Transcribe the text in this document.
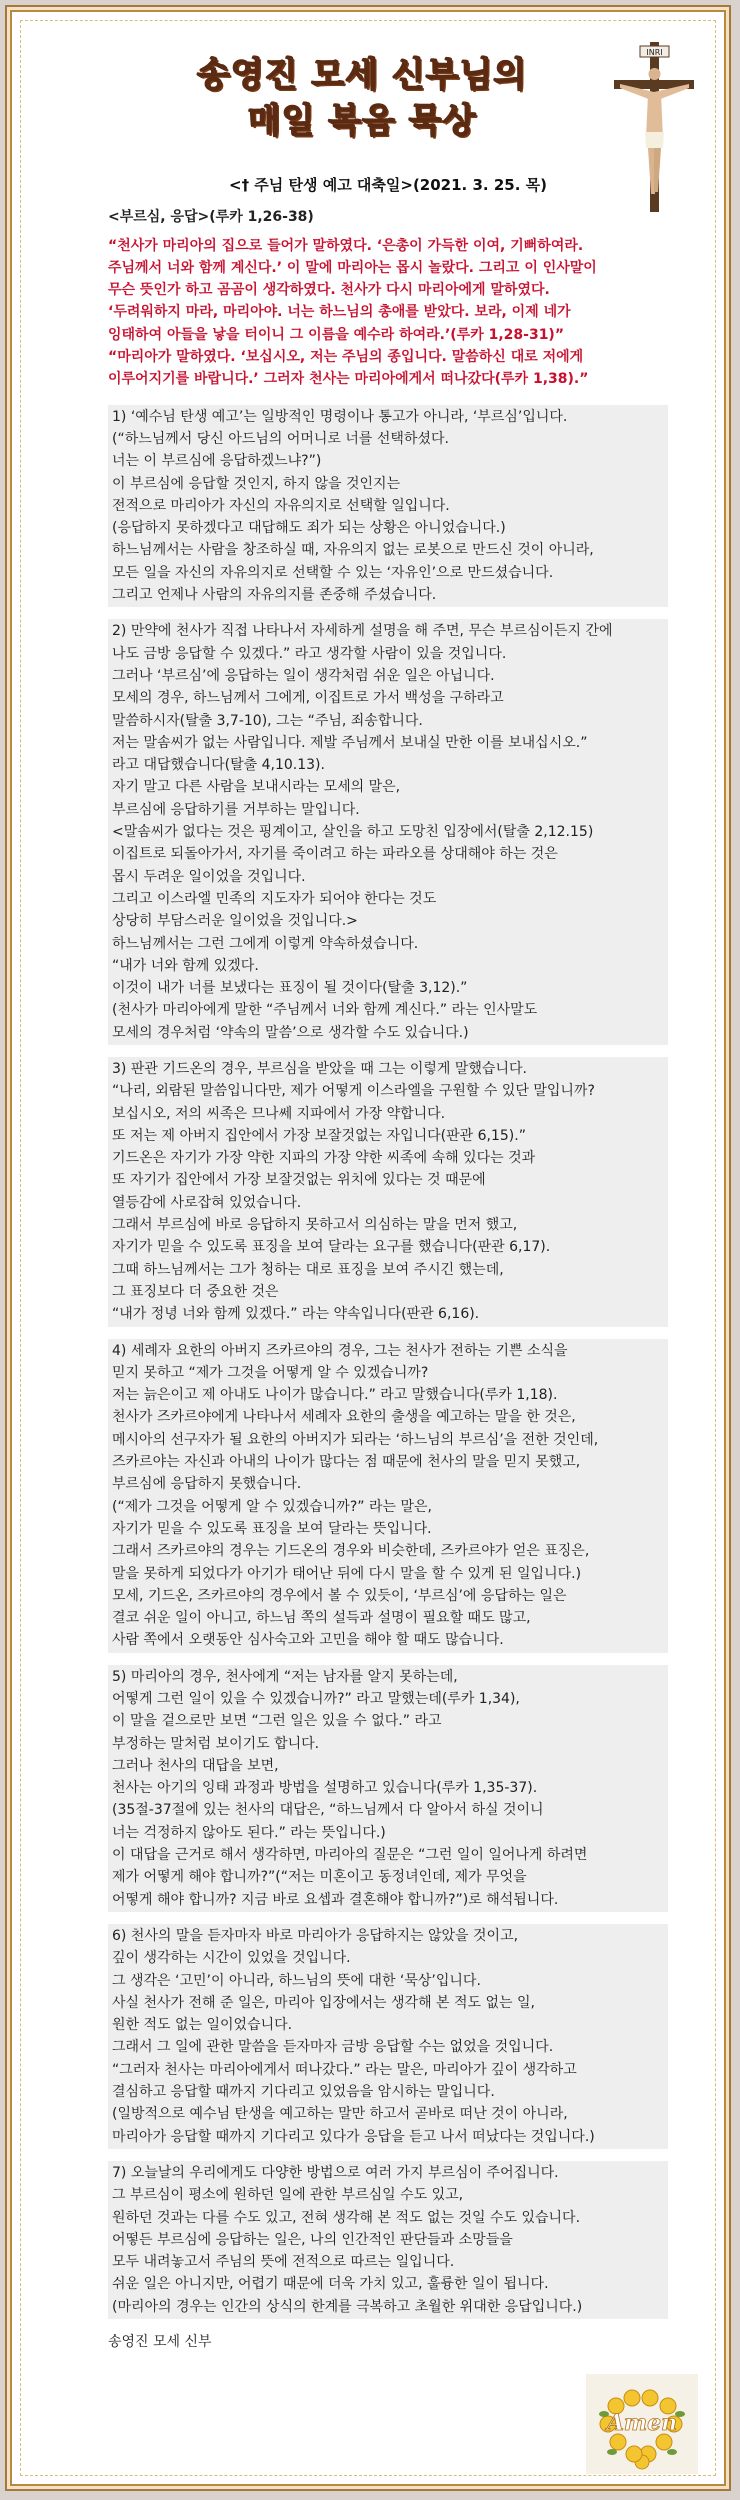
송영진 모세 신부님의
매일 복음 묵상
INRI
<† 주님 탄생 예고 대축일>(2021. 3. 25. 목)
<부르심, 응답>(루카 1,26-38)
“천사가 마리아의 집으로 들어가 말하였다. ‘은총이 가득한 이여, 기뻐하여라.
주님께서 너와 함께 계신다.’ 이 말에 마리아는 몹시 놀랐다. 그리고 이 인사말이
무슨 뜻인가 하고 곰곰이 생각하였다. 천사가 다시 마리아에게 말하였다.
‘두려워하지 마라, 마리아야. 너는 하느님의 총애를 받았다. 보라, 이제 네가
잉태하여 아들을 낳을 터이니 그 이름을 예수라 하여라.’(루카 1,28-31)”
“마리아가 말하였다. ‘보십시오, 저는 주님의 종입니다. 말씀하신 대로 저에게
이루어지기를 바랍니다.’ 그러자 천사는 마리아에게서 떠나갔다(루카 1,38).”
1) ‘예수님 탄생 예고’는 일방적인 명령이나 통고가 아니라, ‘부르심’입니다.
(“하느님께서 당신 아드님의 어머니로 너를 선택하셨다.
너는 이 부르심에 응답하겠느냐?”)
이 부르심에 응답할 것인지, 하지 않을 것인지는
전적으로 마리아가 자신의 자유의지로 선택할 일입니다.
(응답하지 못하겠다고 대답해도 죄가 되는 상황은 아니었습니다.)
하느님께서는 사람을 창조하실 때, 자유의지 없는 로봇으로 만드신 것이 아니라,
모든 일을 자신의 자유의지로 선택할 수 있는 ‘자유인’으로 만드셨습니다.
그리고 언제나 사람의 자유의지를 존중해 주셨습니다.
2) 만약에 천사가 직접 나타나서 자세하게 설명을 해 주면, 무슨 부르심이든지 간에
나도 금방 응답할 수 있겠다.” 라고 생각할 사람이 있을 것입니다.
그러나 ‘부르심’에 응답하는 일이 생각처럼 쉬운 일은 아닙니다.
모세의 경우, 하느님께서 그에게, 이집트로 가서 백성을 구하라고
말씀하시자(탈출 3,7-10), 그는 “주님, 죄송합니다.
저는 말솜씨가 없는 사람입니다. 제발 주님께서 보내실 만한 이를 보내십시오.”
라고 대답했습니다(탈출 4,10.13).
자기 말고 다른 사람을 보내시라는 모세의 말은,
부르심에 응답하기를 거부하는 말입니다.
<말솜씨가 없다는 것은 핑계이고, 살인을 하고 도망친 입장에서(탈출 2,12.15)
이집트로 되돌아가서, 자기를 죽이려고 하는 파라오를 상대해야 하는 것은
몹시 두려운 일이었을 것입니다.
그리고 이스라엘 민족의 지도자가 되어야 한다는 것도
상당히 부담스러운 일이었을 것입니다.>
하느님께서는 그런 그에게 이렇게 약속하셨습니다.
“내가 너와 함께 있겠다.
이것이 내가 너를 보냈다는 표징이 될 것이다(탈출 3,12).”
(천사가 마리아에게 말한 “주님께서 너와 함께 계신다.” 라는 인사말도
모세의 경우처럼 ‘약속의 말씀’으로 생각할 수도 있습니다.)
3) 판관 기드온의 경우, 부르심을 받았을 때 그는 이렇게 말했습니다.
“나리, 외람된 말씀입니다만, 제가 어떻게 이스라엘을 구원할 수 있단 말입니까?
보십시오, 저의 씨족은 므나쎄 지파에서 가장 약합니다.
또 저는 제 아버지 집안에서 가장 보잘것없는 자입니다(판관 6,15).”
기드온은 자기가 가장 약한 지파의 가장 약한 씨족에 속해 있다는 것과
또 자기가 집안에서 가장 보잘것없는 위치에 있다는 것 때문에
열등감에 사로잡혀 있었습니다.
그래서 부르심에 바로 응답하지 못하고서 의심하는 말을 먼저 했고,
자기가 믿을 수 있도록 표징을 보여 달라는 요구를 했습니다(판관 6,17).
그때 하느님께서는 그가 청하는 대로 표징을 보여 주시긴 했는데,
그 표징보다 더 중요한 것은
“내가 정녕 너와 함께 있겠다.” 라는 약속입니다(판관 6,16).
4) 세례자 요한의 아버지 즈카르야의 경우, 그는 천사가 전하는 기쁜 소식을
믿지 못하고 “제가 그것을 어떻게 알 수 있겠습니까?
저는 늙은이고 제 아내도 나이가 많습니다.” 라고 말했습니다(루카 1,18).
천사가 즈카르야에게 나타나서 세례자 요한의 출생을 예고하는 말을 한 것은,
메시아의 선구자가 될 요한의 아버지가 되라는 ‘하느님의 부르심’을 전한 것인데,
즈카르야는 자신과 아내의 나이가 많다는 점 때문에 천사의 말을 믿지 못했고,
부르심에 응답하지 못했습니다.
(“제가 그것을 어떻게 알 수 있겠습니까?” 라는 말은,
자기가 믿을 수 있도록 표징을 보여 달라는 뜻입니다.
그래서 즈카르야의 경우는 기드온의 경우와 비슷한데, 즈카르야가 얻은 표징은,
말을 못하게 되었다가 아기가 태어난 뒤에 다시 말을 할 수 있게 된 일입니다.)
모세, 기드온, 즈카르야의 경우에서 볼 수 있듯이, ‘부르심’에 응답하는 일은
결코 쉬운 일이 아니고, 하느님 쪽의 설득과 설명이 필요할 때도 많고,
사람 쪽에서 오랫동안 심사숙고와 고민을 해야 할 때도 많습니다.
5) 마리아의 경우, 천사에게 “저는 남자를 알지 못하는데,
어떻게 그런 일이 있을 수 있겠습니까?” 라고 말했는데(루카 1,34),
이 말을 겉으로만 보면 “그런 일은 있을 수 없다.” 라고
부정하는 말처럼 보이기도 합니다.
그러나 천사의 대답을 보면,
천사는 아기의 잉태 과정과 방법을 설명하고 있습니다(루카 1,35-37).
(35절-37절에 있는 천사의 대답은, “하느님께서 다 알아서 하실 것이니
너는 걱정하지 않아도 된다.” 라는 뜻입니다.)
이 대답을 근거로 해서 생각하면, 마리아의 질문은 “그런 일이 일어나게 하려면
제가 어떻게 해야 합니까?”(“저는 미혼이고 동정녀인데, 제가 무엇을
어떻게 해야 합니까? 지금 바로 요셉과 결혼해야 합니까?”)로 해석됩니다.
6) 천사의 말을 듣자마자 바로 마리아가 응답하지는 않았을 것이고,
깊이 생각하는 시간이 있었을 것입니다.
그 생각은 ‘고민’이 아니라, 하느님의 뜻에 대한 ‘묵상’입니다.
사실 천사가 전해 준 일은, 마리아 입장에서는 생각해 본 적도 없는 일,
원한 적도 없는 일이었습니다.
그래서 그 일에 관한 말씀을 듣자마자 금방 응답할 수는 없었을 것입니다.
“그러자 천사는 마리아에게서 떠나갔다.” 라는 말은, 마리아가 깊이 생각하고
결심하고 응답할 때까지 기다리고 있었음을 암시하는 말입니다.
(일방적으로 예수님 탄생을 예고하는 말만 하고서 곧바로 떠난 것이 아니라,
마리아가 응답할 때까지 기다리고 있다가 응답을 듣고 나서 떠났다는 것입니다.)
7) 오늘날의 우리에게도 다양한 방법으로 여러 가지 부르심이 주어집니다.
그 부르심이 평소에 원하던 일에 관한 부르심일 수도 있고,
원하던 것과는 다를 수도 있고, 전혀 생각해 본 적도 없는 것일 수도 있습니다.
어떻든 부르심에 응답하는 일은, 나의 인간적인 판단들과 소망들을
모두 내려놓고서 주님의 뜻에 전적으로 따르는 일입니다.
쉬운 일은 아니지만, 어렵기 때문에 더욱 가치 있고, 훌륭한 일이 됩니다.
(마리아의 경우는 인간의 상식의 한계를 극복하고 초월한 위대한 응답입니다.)
송영진 모세 신부
Amen
